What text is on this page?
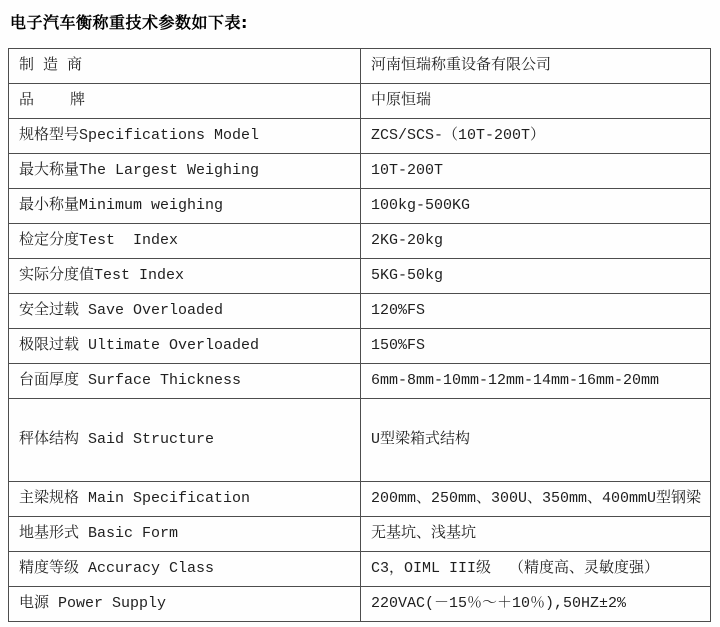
电子汽车衡称重技术参数如下表:
制 造 商	河南恒瑞称重设备有限公司
品    牌	中原恒瑞
规格型号Specifications Model	ZCS/SCS-（10T-200T）
最大称量The Largest Weighing	10T-200T
最小称量Minimum weighing	100kg-500KG
检定分度Test  Index	2KG-20kg
实际分度值Test Index	5KG-50kg
安全过载 Save Overloaded	120%FS
极限过载 Ultimate Overloaded	150%FS
台面厚度 Surface Thickness	6mm-8mm-10mm-12mm-14mm-16mm-20mm
秤体结构 Said Structure	U型梁箱式结构
主梁规格 Main Specification	200mm、250mm、300U、350mm、400mmU型钢梁
地基形式 Basic Form	无基坑、浅基坑
精度等级 Accuracy Class	C3，OIML III级  （精度高、灵敏度强）
电源 Power Supply	220VAC(－15％～＋10％),50HZ±2%
